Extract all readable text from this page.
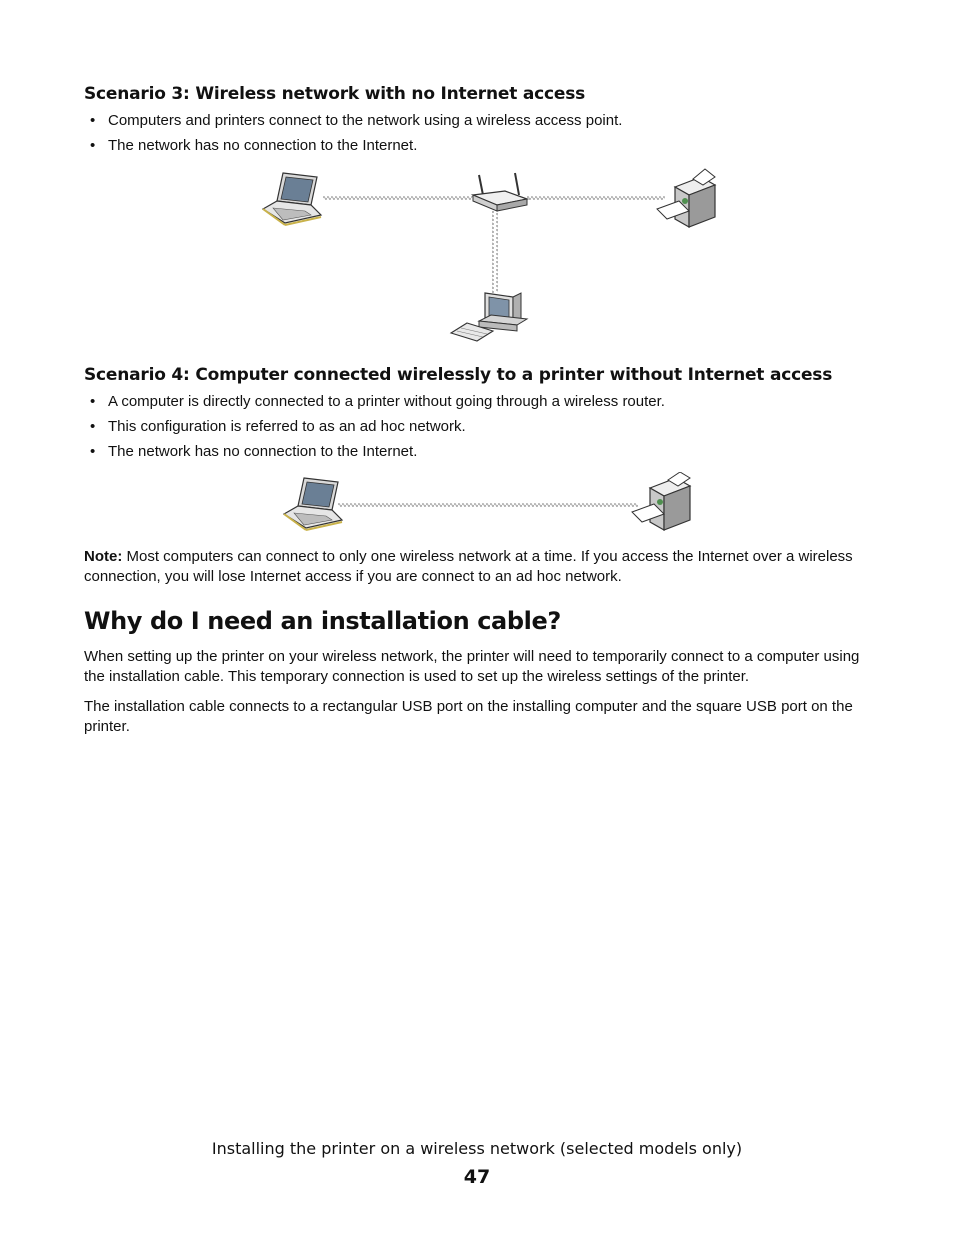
Scenario 3: Wireless network with no Internet access
• Computers and printers connect to the network using a wireless access point.
• The network has no connection to the Internet.
Scenario 4: Computer connected wirelessly to a printer without Internet access
• A computer is directly connected to a printer without going through a wireless router.
• This configuration is referred to as an ad hoc network.
• The network has no connection to the Internet.

Note: Most computers can connect to only one wireless network at a time. If you access the Internet over a wireless connection, you will lose Internet access if you are connect to an ad hoc network.

Why do I need an installation cable?

When setting up the printer on your wireless network, the printer will need to temporarily connect to a computer using the installation cable. This temporary connection is used to set up the wireless settings of the printer.

The installation cable connects to a rectangular USB port on the installing computer and the square USB port on the printer.

Installing the printer on a wireless network (selected models only)
47
